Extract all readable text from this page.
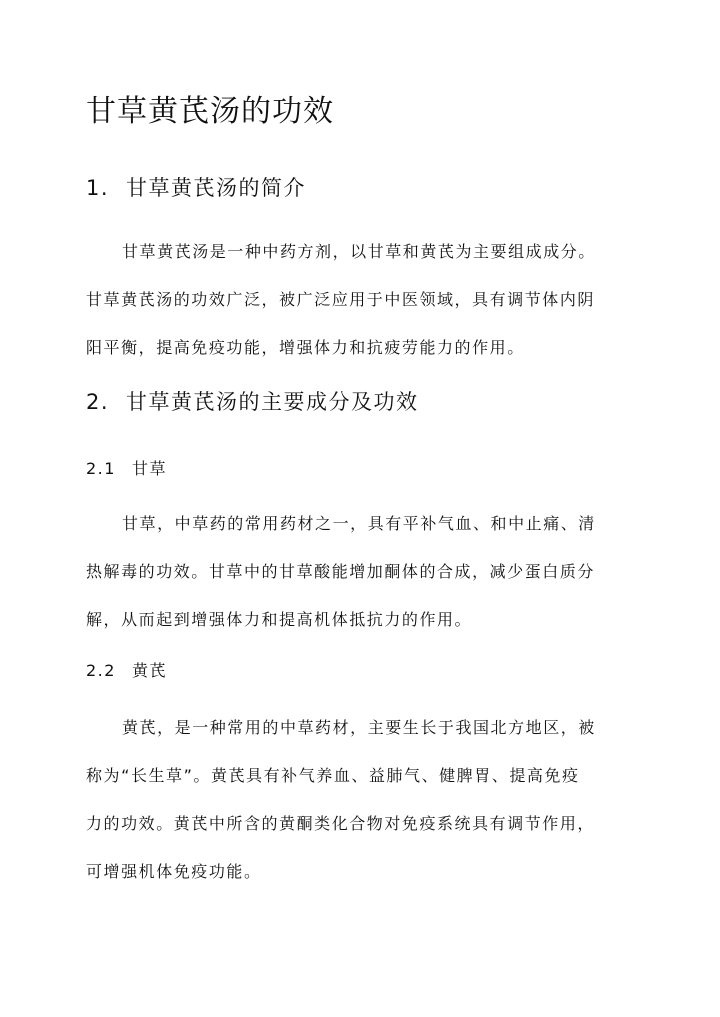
甘草黄芪汤的功效
1. 甘草黄芪汤的简介
甘草黄芪汤是一种中药方剂，以甘草和黄芪为主要组成成分。
甘草黄芪汤的功效广泛，被广泛应用于中医领域，具有调节体内阴
阳平衡，提高免疫功能，增强体力和抗疲劳能力的作用。
2. 甘草黄芪汤的主要成分及功效
2.1 甘草
甘草，中草药的常用药材之一，具有平补气血、和中止痛、清
热解毒的功效。甘草中的甘草酸能增加酮体的合成，减少蛋白质分
解，从而起到增强体力和提高机体抵抗力的作用。
2.2 黄芪
黄芪，是一种常用的中草药材，主要生长于我国北方地区，被
称为“长生草”。黄芪具有补气养血、益肺气、健脾胃、提高免疫
力的功效。黄芪中所含的黄酮类化合物对免疫系统具有调节作用，
可增强机体免疫功能。
